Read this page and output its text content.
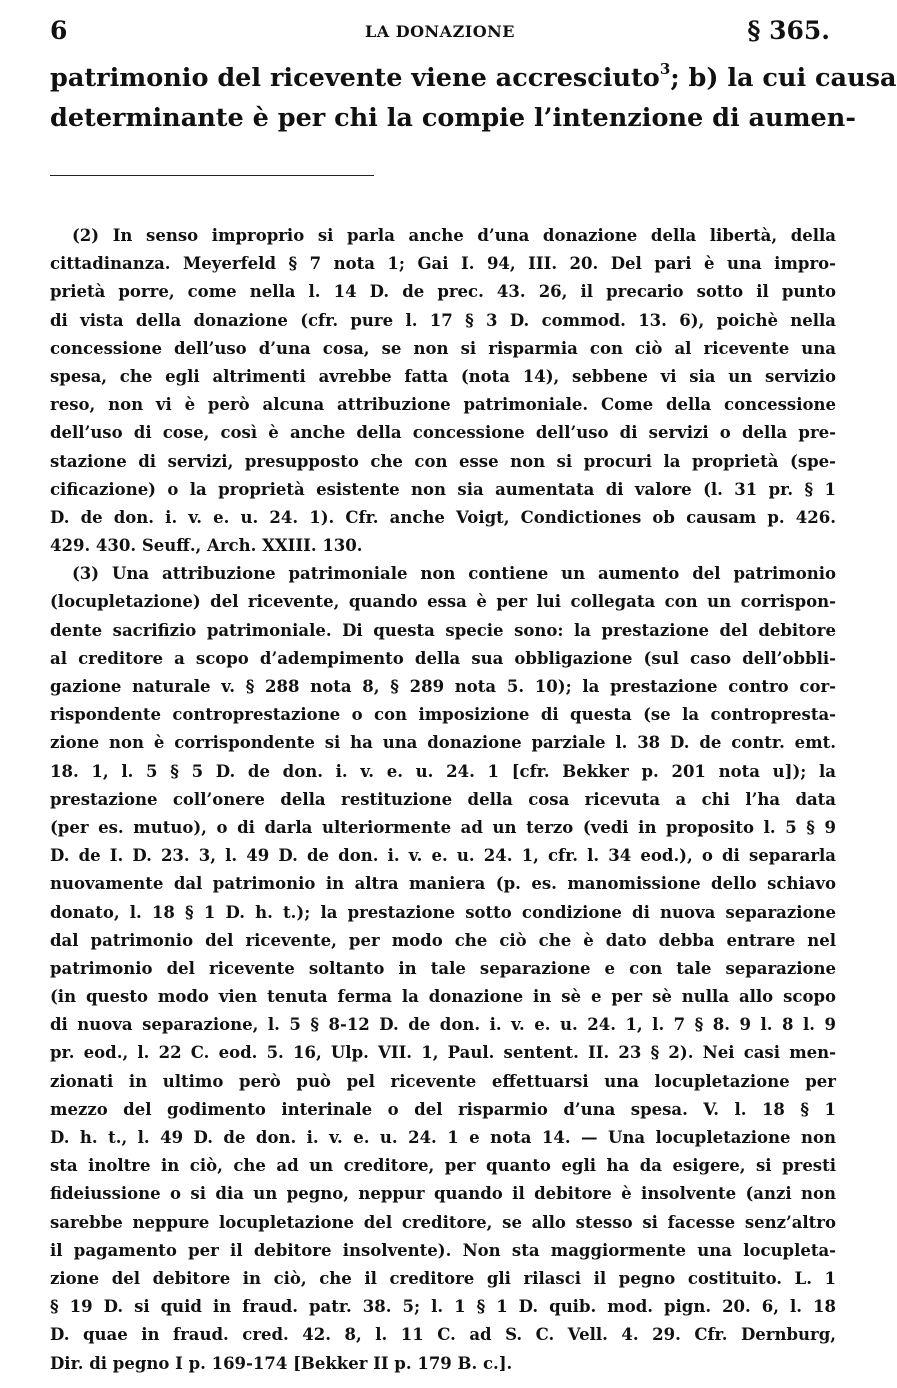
6	LA DONAZIONE	§ 365.
patrimonio del ricevente viene accresciuto$^3$; b) la cui causa
determinante è per chi la compie l’intenzione di aumen-
(2) In senso improprio si parla anche d’una donazione della libertà, della
cittadinanza. Meyerfeld § 7 nota 1; Gai I. 94, III. 20. Del pari è una impro-
prietà porre, come nella l. 14 D. de prec. 43. 26, il precario sotto il punto
di vista della donazione (cfr. pure l. 17 § 3 D. commod. 13. 6), poichè nella
concessione dell’uso d’una cosa, se non si risparmia con ciò al ricevente una
spesa, che egli altrimenti avrebbe fatta (nota 14), sebbene vi sia un servizio
reso, non vi è però alcuna attribuzione patrimoniale. Come della concessione
dell’uso di cose, così è anche della concessione dell’uso di servizi o della pre-
stazione di servizi, presupposto che con esse non si procuri la proprietà (spe-
cificazione) o la proprietà esistente non sia aumentata di valore (l. 31 pr. § 1
D. de don. i. v. e. u. 24. 1). Cfr. anche Voigt, Condictiones ob causam p. 426.
429. 430. Seuff., Arch. XXIII. 130.
(3) Una attribuzione patrimoniale non contiene un aumento del patrimonio
(locupletazione) del ricevente, quando essa è per lui collegata con un corrispon-
dente sacrifizio patrimoniale. Di questa specie sono: la prestazione del debitore
al creditore a scopo d’adempimento della sua obbligazione (sul caso dell’obbli-
gazione naturale v. § 288 nota 8, § 289 nota 5. 10); la prestazione contro cor-
rispondente controprestazione o con imposizione di questa (se la contropresta-
zione non è corrispondente si ha una donazione parziale l. 38 D. de contr. emt.
18. 1, l. 5 § 5 D. de don. i. v. e. u. 24. 1 [cfr. Bekker p. 201 nota u]); la
prestazione coll’onere della restituzione della cosa ricevuta a chi l’ha data
(per es. mutuo), o di darla ulteriormente ad un terzo (vedi in proposito l. 5 § 9
D. de I. D. 23. 3, l. 49 D. de don. i. v. e. u. 24. 1, cfr. l. 34 eod.), o di separarla
nuovamente dal patrimonio in altra maniera (p. es. manomissione dello schiavo
donato, l. 18 § 1 D. h. t.); la prestazione sotto condizione di nuova separazione
dal patrimonio del ricevente, per modo che ciò che è dato debba entrare nel
patrimonio del ricevente soltanto in tale separazione e con tale separazione
(in questo modo vien tenuta ferma la donazione in sè e per sè nulla allo scopo
di nuova separazione, l. 5 § 8-12 D. de don. i. v. e. u. 24. 1, l. 7 § 8. 9 l. 8 l. 9
pr. eod., l. 22 C. eod. 5. 16, Ulp. VII. 1, Paul. sentent. II. 23 § 2). Nei casi men-
zionati in ultimo però può pel ricevente effettuarsi una locupletazione per
mezzo del godimento interinale o del risparmio d’una spesa. V. l. 18 § 1
D. h. t., l. 49 D. de don. i. v. e. u. 24. 1 e nota 14. — Una locupletazione non
sta inoltre in ciò, che ad un creditore, per quanto egli ha da esigere, si presti
fideiussione o si dia un pegno, neppur quando il debitore è insolvente (anzi non
sarebbe neppure locupletazione del creditore, se allo stesso si facesse senz’altro
il pagamento per il debitore insolvente). Non sta maggiormente una locupleta-
zione del debitore in ciò, che il creditore gli rilasci il pegno costituito. L. 1
§ 19 D. si quid in fraud. patr. 38. 5; l. 1 § 1 D. quib. mod. pign. 20. 6, l. 18
D. quae in fraud. cred. 42. 8, l. 11 C. ad S. C. Vell. 4. 29. Cfr. Dernburg,
Dir. di pegno I p. 169-174 [Bekker II p. 179 B. c.].
